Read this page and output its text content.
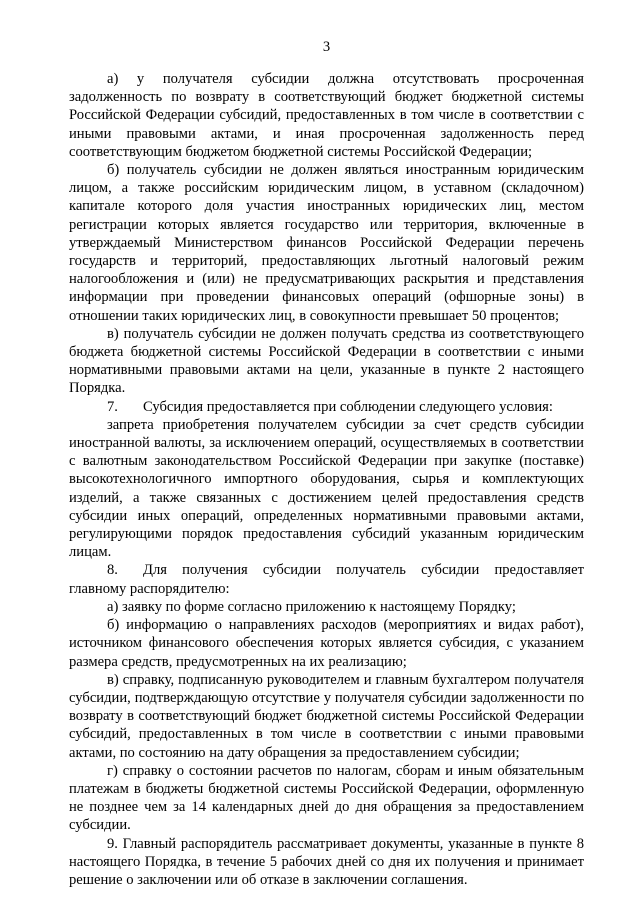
3

а) у получателя субсидии должна отсутствовать просроченная задолженность по возврату в соответствующий бюджет бюджетной системы Российской Федерации субсидий, предоставленных в том числе в соответствии с иными правовыми актами, и иная просроченная задолженность перед соответствующим бюджетом бюджетной системы Российской Федерации;

б) получатель субсидии не должен являться иностранным юридическим лицом, а также российским юридическим лицом, в уставном (складочном) капитале которого доля участия иностранных юридических лиц, местом регистрации которых является государство или территория, включенные в утверждаемый Министерством финансов Российской Федерации перечень государств и территорий, предоставляющих льготный налоговый режим налогообложения и (или) не предусматривающих раскрытия и представления информации при проведении финансовых операций (офшорные зоны) в отношении таких юридических лиц, в совокупности превышает 50 процентов;

в) получатель субсидии не должен получать средства из соответствующего бюджета бюджетной системы Российской Федерации в соответствии с иными нормативными правовыми актами на цели, указанные в пункте 2 настоящего Порядка.

7. Субсидия предоставляется при соблюдении следующего условия:

запрета приобретения получателем субсидии за счет средств субсидии иностранной валюты, за исключением операций, осуществляемых в соответствии с валютным законодательством Российской Федерации при закупке (поставке) высокотехнологичного импортного оборудования, сырья и комплектующих изделий, а также связанных с достижением целей предоставления средств субсидии иных операций, определенных нормативными правовыми актами, регулирующими порядок предоставления субсидий указанным юридическим лицам.

8. Для получения субсидии получатель субсидии предоставляет главному распорядителю:

а) заявку по форме согласно приложению к настоящему Порядку;

б) информацию о направлениях расходов (мероприятиях и видах работ), источником финансового обеспечения которых является субсидия, с указанием размера средств, предусмотренных на их реализацию;

в) справку, подписанную руководителем и главным бухгалтером получателя субсидии, подтверждающую отсутствие у получателя субсидии задолженности по возврату в соответствующий бюджет бюджетной системы Российской Федерации субсидий, предоставленных в том числе в соответствии с иными правовыми актами, по состоянию на дату обращения за предоставлением субсидии;

г) справку о состоянии расчетов по налогам, сборам и иным обязательным платежам в бюджеты бюджетной системы Российской Федерации, оформленную не позднее чем за 14 календарных дней до дня обращения за предоставлением субсидии.

9. Главный распорядитель рассматривает документы, указанные в пункте 8 настоящего Порядка, в течение 5 рабочих дней со дня их получения и принимает решение о заключении или об отказе в заключении соглашения.
